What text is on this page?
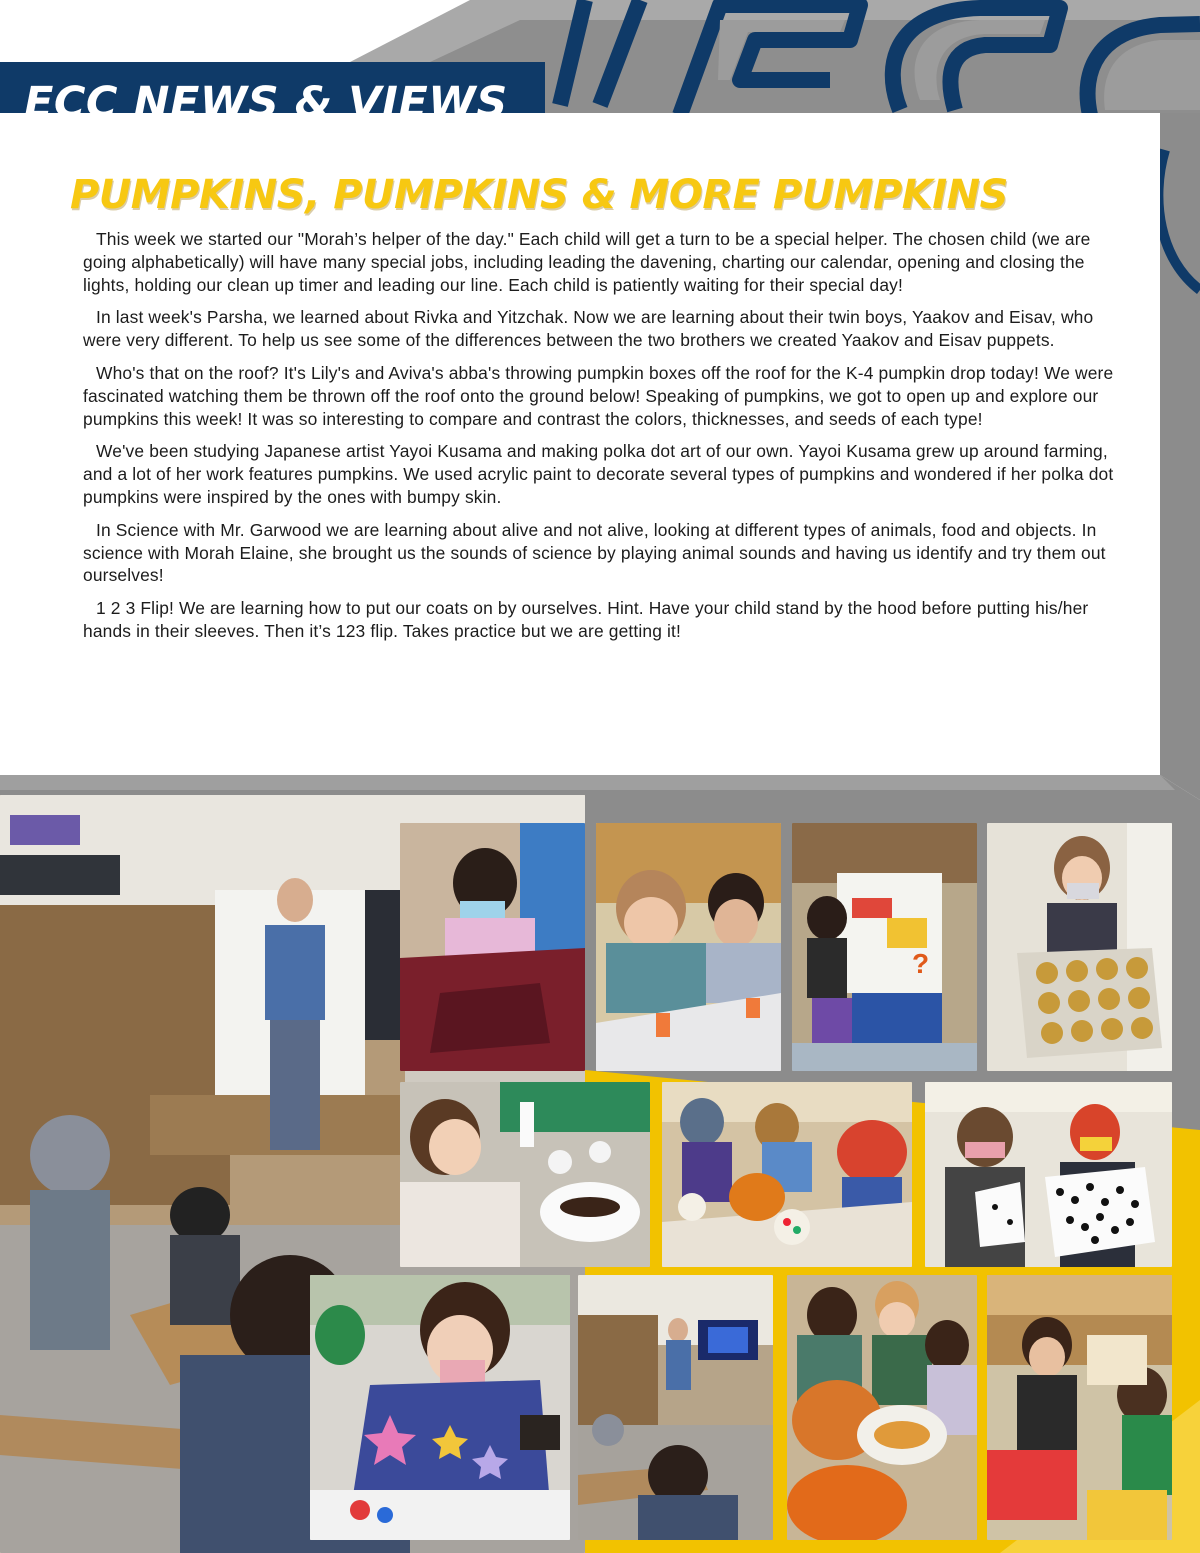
ECC NEWS & VIEWS
PUMPKINS, PUMPKINS & MORE PUMPKINS

This week we started our "Morah’s helper of the day." Each child will get a turn to be a special helper. The chosen child (we are going alphabetically) will have many special jobs, including leading the davening, charting our calendar, opening and closing the lights, holding our clean up timer and leading our line. Each child is patiently waiting for their special day!

In last week's Parsha, we learned about Rivka and Yitzchak. Now we are learning about their twin boys, Yaakov and Eisav, who were very different. To help us see some of the differences between the two brothers we created Yaakov and Eisav puppets.

Who's that on the roof? It's Lily's and Aviva's abba's throwing pumpkin boxes off the roof for the K-4 pumpkin drop today! We were fascinated watching them be thrown off the roof onto the ground below! Speaking of pumpkins, we got to open up and explore our pumpkins this week! It was so interesting to compare and contrast the colors, thicknesses, and seeds of each type!

We've been studying Japanese artist Yayoi Kusama and making polka dot art of our own. Yayoi Kusama grew up around farming, and a lot of her work features pumpkins. We used acrylic paint to decorate several types of pumpkins and wondered if her polka dot pumpkins were inspired by the ones with bumpy skin.

In Science with Mr. Garwood we are learning about alive and not alive, looking at different types of animals, food and objects. In science with Morah Elaine, she brought us the sounds of science by playing animal sounds and having us identify and try them out ourselves!

1 2 3 Flip! We are learning how to put our coats on by ourselves. Hint. Have your child stand by the hood before putting his/her hands in their sleeves. Then it’s 123 flip. Takes practice but we are getting it!

?
